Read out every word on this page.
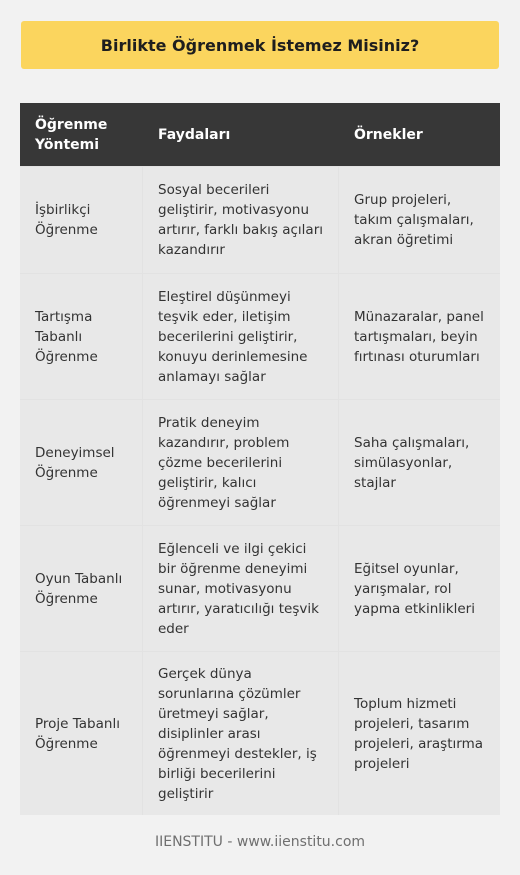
Birlikte Öğrenmek İstemez Misiniz?
Öğrenme Yöntemi
Faydaları	Örnekler
İşbirlikçi Öğrenme
Sosyal becerileri geliştirir, motivasyonu artırır, farklı bakış açıları kazandırır
Grup projeleri, takım çalışmaları, akran öğretimi
Tartışma Tabanlı Öğrenme
Eleştirel düşünmeyi teşvik eder, iletişim becerilerini geliştirir, konuyu derinlemesine anlamayı sağlar
Münazaralar, panel tartışmaları, beyin fırtınası oturumları
Deneyimsel Öğrenme
Pratik deneyim kazandırır, problem çözme becerilerini geliştirir, kalıcı öğrenmeyi sağlar
Saha çalışmaları, simülasyonlar, stajlar
Oyun Tabanlı Öğrenme
Eğlenceli ve ilgi çekici bir öğrenme deneyimi sunar, motivasyonu artırır, yaratıcılığı teşvik eder
Eğitsel oyunlar, yarışmalar, rol yapma etkinlikleri
Proje Tabanlı Öğrenme
Gerçek dünya sorunlarına çözümler üretmeyi sağlar, disiplinler arası öğrenmeyi destekler, iş birliği becerilerini geliştirir
Toplum hizmeti projeleri, tasarım projeleri, araştırma projeleri
IIENSTITU - www.iienstitu.com
